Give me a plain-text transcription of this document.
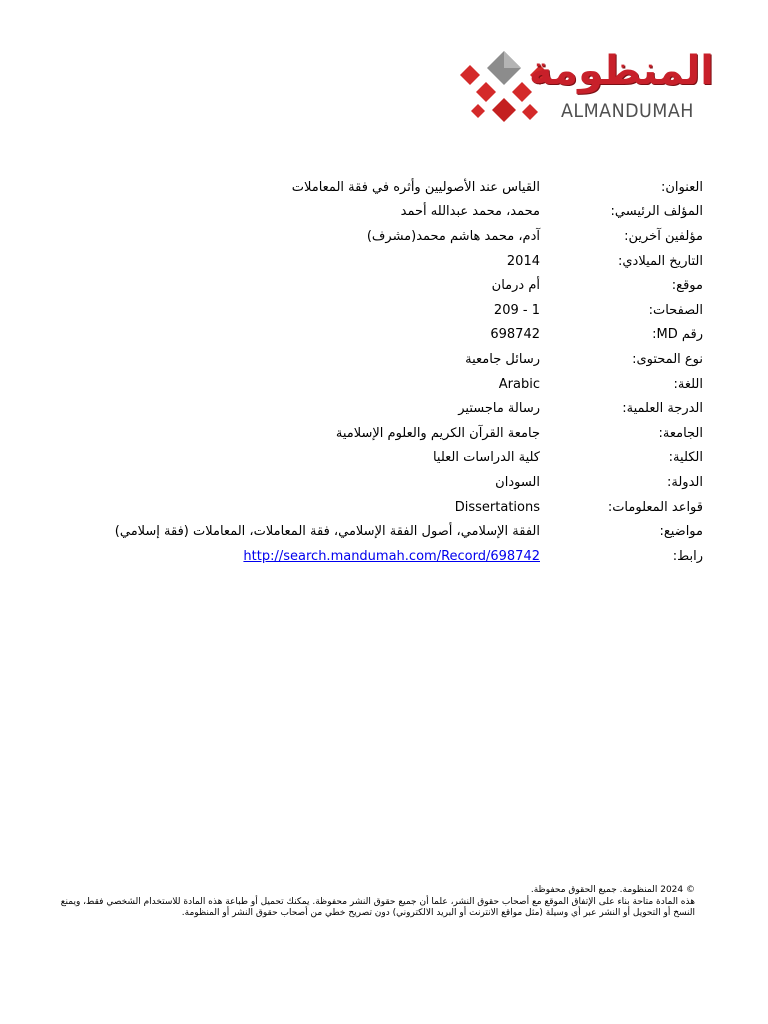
المنظومة
ALMANDUMAH
العنوان:
القياس عند الأصوليين وأثره في فقة المعاملات
المؤلف الرئيسي:
محمد، محمد عبدالله أحمد
مؤلفين آخرين:
آدم، محمد هاشم محمد(مشرف)
التاريخ الميلادي:
2014
موقع:
أم درمان
الصفحات:
1 - 209
رقم MD:
698742
نوع المحتوى:
رسائل جامعية
اللغة:
Arabic
الدرجة العلمية:
رسالة ماجستير
الجامعة:
جامعة القرآن الكريم والعلوم الإسلامية
الكلية:
كلية الدراسات العليا
الدولة:
السودان
قواعد المعلومات:
Dissertations
مواضيع:
الفقة الإسلامي، أصول الفقة الإسلامي، فقة المعاملات، المعاملات (فقة إسلامي)
رابط:
http://search.mandumah.com/Record/698742

© 2024 المنظومة. جميع الحقوق محفوظة.

هذه المادة متاحة بناء على الإتفاق الموقع مع أصحاب حقوق النشر، علما أن جميع حقوق النشر محفوظة. يمكنك تحميل أو طباعة هذه المادة للاستخدام الشخصي فقط، ويمنع النسخ أو التحويل أو النشر عبر أي وسيلة (مثل مواقع الانترنت أو البريد الالكتروني) دون تصريح خطي من أصحاب حقوق النشر أو المنظومة.
